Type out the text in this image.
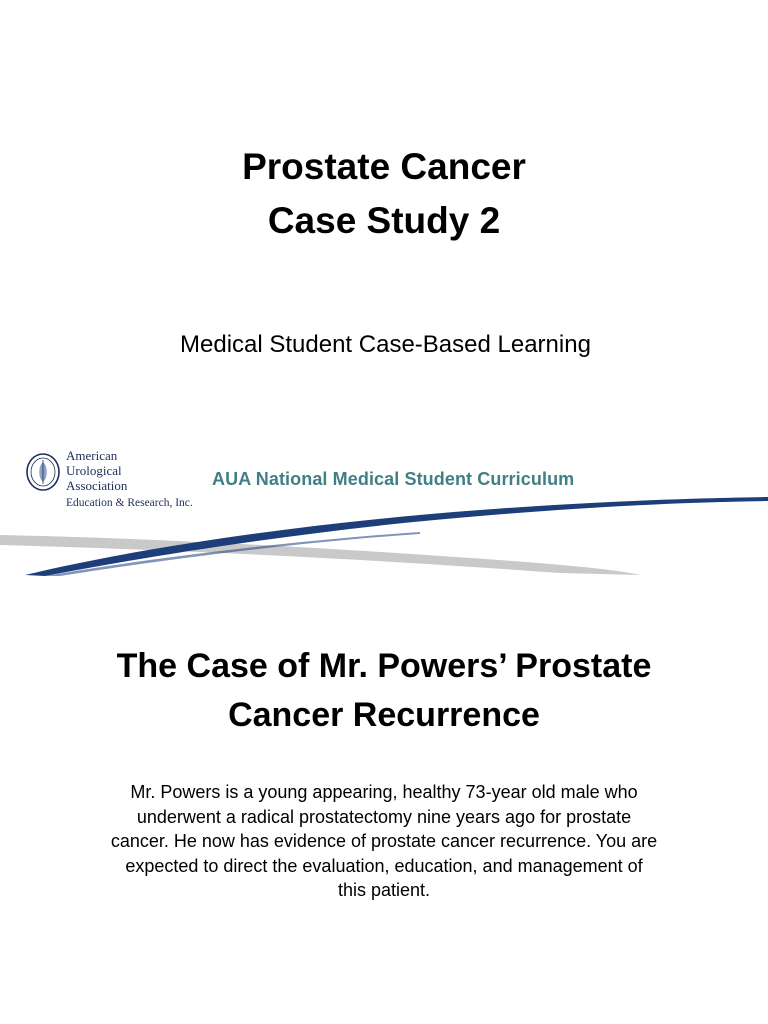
Prostate Cancer
Case Study 2
Medical Student Case-Based Learning
American
Urological
Association
Education & Research, Inc.
AUA National Medical Student Curriculum
The Case of Mr. Powers’ Prostate
Cancer Recurrence
Mr. Powers is a young appearing, healthy 73-year old male who underwent a radical prostatectomy nine years ago for prostate cancer. He now has evidence of prostate cancer recurrence. You are expected to direct the evaluation, education, and management of this patient.
